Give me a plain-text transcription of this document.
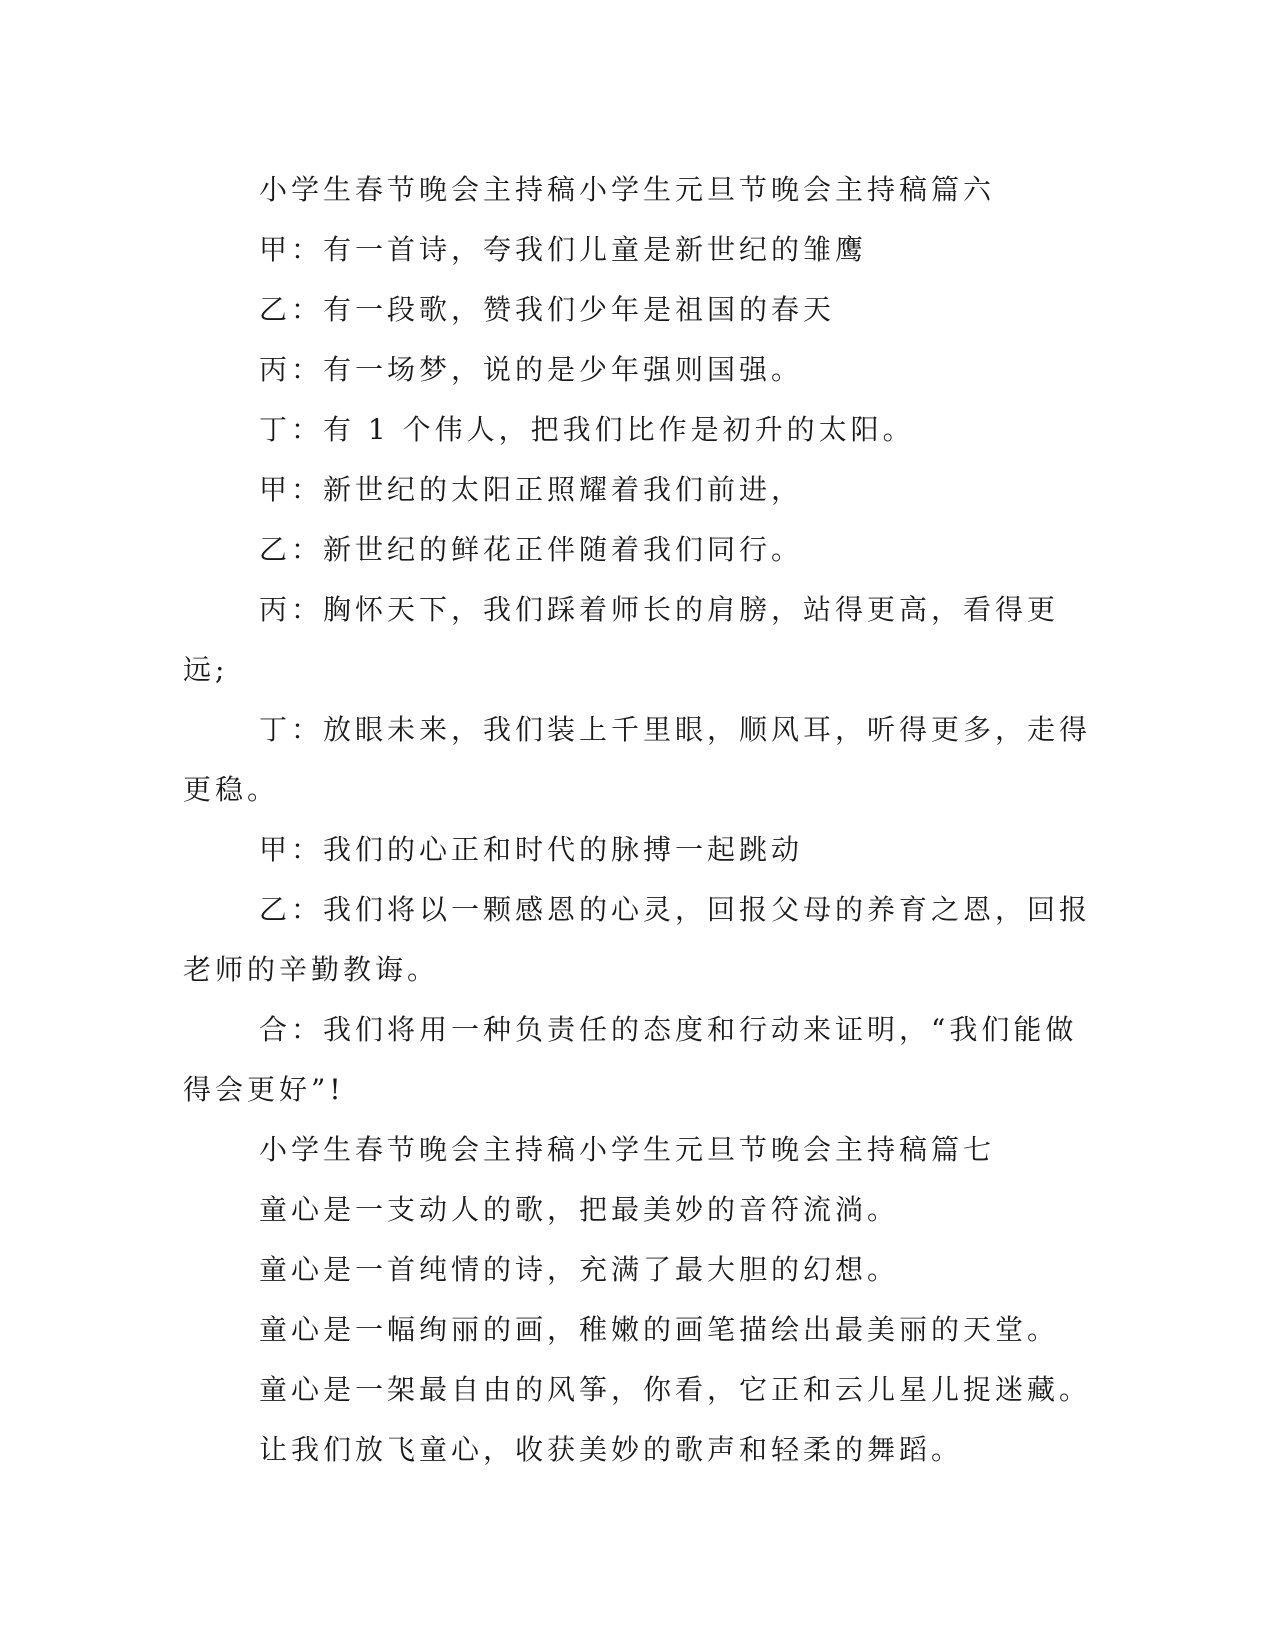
小学生春节晚会主持稿小学生元旦节晚会主持稿篇六

甲：有一首诗，夸我们儿童是新世纪的雏鹰

乙：有一段歌，赞我们少年是祖国的春天

丙：有一场梦，说的是少年强则国强。

丁：有 1 个伟人，把我们比作是初升的太阳。

甲：新世纪的太阳正照耀着我们前进，

乙：新世纪的鲜花正伴随着我们同行。

丙：胸怀天下，我们踩着师长的肩膀，站得更高，看得更远;

丁：放眼未来，我们装上千里眼，顺风耳，听得更多，走得更稳。

甲：我们的心正和时代的脉搏一起跳动

乙：我们将以一颗感恩的心灵，回报父母的养育之恩，回报老师的辛勤教诲。

合：我们将用一种负责任的态度和行动来证明，“我们能做得会更好”!

小学生春节晚会主持稿小学生元旦节晚会主持稿篇七

童心是一支动人的歌，把最美妙的音符流淌。

童心是一首纯情的诗，充满了最大胆的幻想。

童心是一幅绚丽的画，稚嫩的画笔描绘出最美丽的天堂。

童心是一架最自由的风筝，你看，它正和云儿星儿捉迷藏。

让我们放飞童心，收获美妙的歌声和轻柔的舞蹈。
